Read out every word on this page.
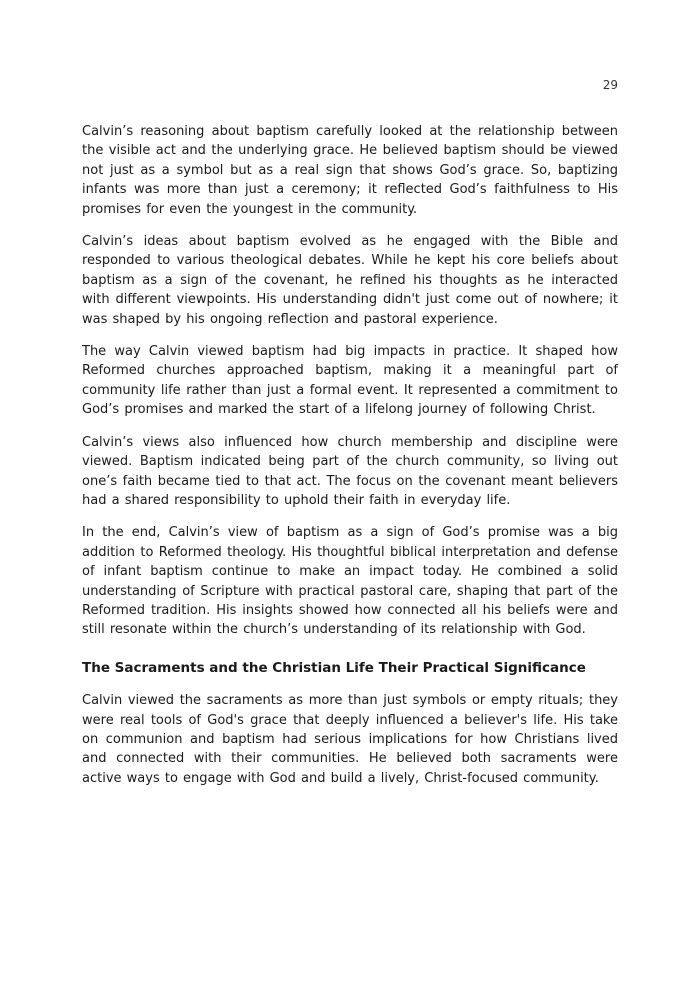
29

Calvin’s reasoning about baptism carefully looked at the relationship between the visible act and the underlying grace. He believed baptism should be viewed not just as a symbol but as a real sign that shows God’s grace. So, baptizing infants was more than just a ceremony; it reflected God’s faithfulness to His promises for even the youngest in the community.

Calvin’s ideas about baptism evolved as he engaged with the Bible and responded to various theological debates. While he kept his core beliefs about baptism as a sign of the covenant, he refined his thoughts as he interacted with different viewpoints. His understanding didn't just come out of nowhere; it was shaped by his ongoing reflection and pastoral experience.

The way Calvin viewed baptism had big impacts in practice. It shaped how Reformed churches approached baptism, making it a meaningful part of community life rather than just a formal event. It represented a commitment to God’s promises and marked the start of a lifelong journey of following Christ.

Calvin’s views also influenced how church membership and discipline were viewed. Baptism indicated being part of the church community, so living out one’s faith became tied to that act. The focus on the covenant meant believers had a shared responsibility to uphold their faith in everyday life.

In the end, Calvin’s view of baptism as a sign of God’s promise was a big addition to Reformed theology. His thoughtful biblical interpretation and defense of infant baptism continue to make an impact today. He combined a solid understanding of Scripture with practical pastoral care, shaping that part of the Reformed tradition. His insights showed how connected all his beliefs were and still resonate within the church’s understanding of its relationship with God.

The Sacraments and the Christian Life Their Practical Significance

Calvin viewed the sacraments as more than just symbols or empty rituals; they were real tools of God's grace that deeply influenced a believer's life. His take on communion and baptism had serious implications for how Christians lived and connected with their communities. He believed both sacraments were active ways to engage with God and build a lively, Christ-focused community.
